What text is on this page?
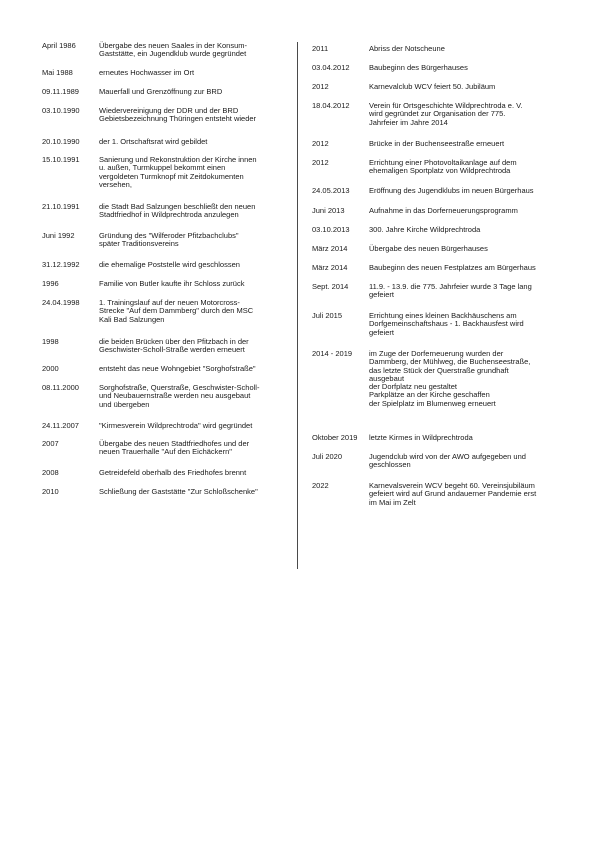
April 1986	Übergabe des neuen Saales in der Konsum-
Gaststätte, ein Jugendklub wurde gegründet
Mai 1988	erneutes Hochwasser im Ort
09.11.1989	Mauerfall und Grenzöffnung zur BRD
03.10.1990	Wiedervereinigung der DDR und der BRD
Gebietsbezeichnung Thüringen entsteht wieder
20.10.1990	der 1. Ortschaftsrat wird gebildet
15.10.1991	Sanierung und Rekonstruktion der Kirche innen
u. außen, Turmkuppel bekommt einen
vergoldeten Turmknopf mit Zeitdokumenten
versehen,
21.10.1991	die Stadt Bad Salzungen beschließt den neuen
Stadtfriedhof in Wildprechtroda anzulegen
Juni 1992	Gründung des "Wilferoder Pfitzbachclubs"
später Traditionsvereins
31.12.1992	die ehemalige Poststelle wird geschlossen
1996	Familie von Butler kaufte ihr Schloss zurück
24.04.1998	1. Trainingslauf auf der neuen Motorcross-
Strecke "Auf dem Dammberg" durch den MSC
Kali Bad Salzungen
1998	die beiden Brücken über den Pfitzbach in der
Geschwister-Scholl-Straße werden erneuert
2000	entsteht das neue Wohngebiet "Sorghofstraße"
08.11.2000	Sorghofstraße, Querstraße, Geschwister-Scholl-
und Neubauernstraße werden neu ausgebaut
und übergeben
24.11.2007	"Kirmesverein Wildprechtroda" wird gegründet
2007	Übergabe des neuen Stadtfriedhofes und der
neuen Trauerhalle "Auf den Eichäckern"
2008	Getreidefeld oberhalb des Friedhofes brennt
2010	Schließung der Gaststätte "Zur Schloßschenke"
2011	Abriss der Notscheune
03.04.2012	Baubeginn des Bürgerhauses
2012	Karnevalclub WCV feiert 50. Jubiläum
18.04.2012	Verein für Ortsgeschichte Wildprechtroda e. V.
wird gegründet zur Organisation der 775.
Jahrfeier im Jahre 2014
2012	Brücke in der Buchenseestraße erneuert
2012	Errichtung einer Photovoltaikanlage auf dem
ehemaligen Sportplatz von Wildprechtroda
24.05.2013	Eröffnung des Jugendklubs im neuen Bürgerhaus
Juni 2013	Aufnahme in das Dorferneuerungsprogramm
03.10.2013	300. Jahre Kirche Wildprechtroda
März 2014	Übergabe des neuen Bürgerhauses
März 2014	Baubeginn des neuen Festplatzes am Bürgerhaus
Sept. 2014	11.9. - 13.9. die 775. Jahrfeier wurde 3 Tage lang
gefeiert
Juli 2015	Errichtung eines kleinen Backhäuschens am
Dorfgemeinschaftshaus - 1. Backhausfest wird
gefeiert
2014 - 2019 im Zuge der Dorferneuerung wurden der
Dammberg, der Mühlweg, die Buchenseestraße,
das letzte Stück der Querstraße grundhaft
ausgebaut
der Dorfplatz neu gestaltet
Parkplätze an der Kirche geschaffen
der Spielplatz im Blumenweg erneuert
Oktober 2019 letzte Kirmes in Wildprechtroda
Juli 2020	Jugendclub wird von der AWO aufgegeben und
geschlossen
2022	Karnevalsverein WCV begeht 60. Vereinsjubiläum
gefeiert wird auf Grund andauerner Pandemie erst
im Mai im Zelt
